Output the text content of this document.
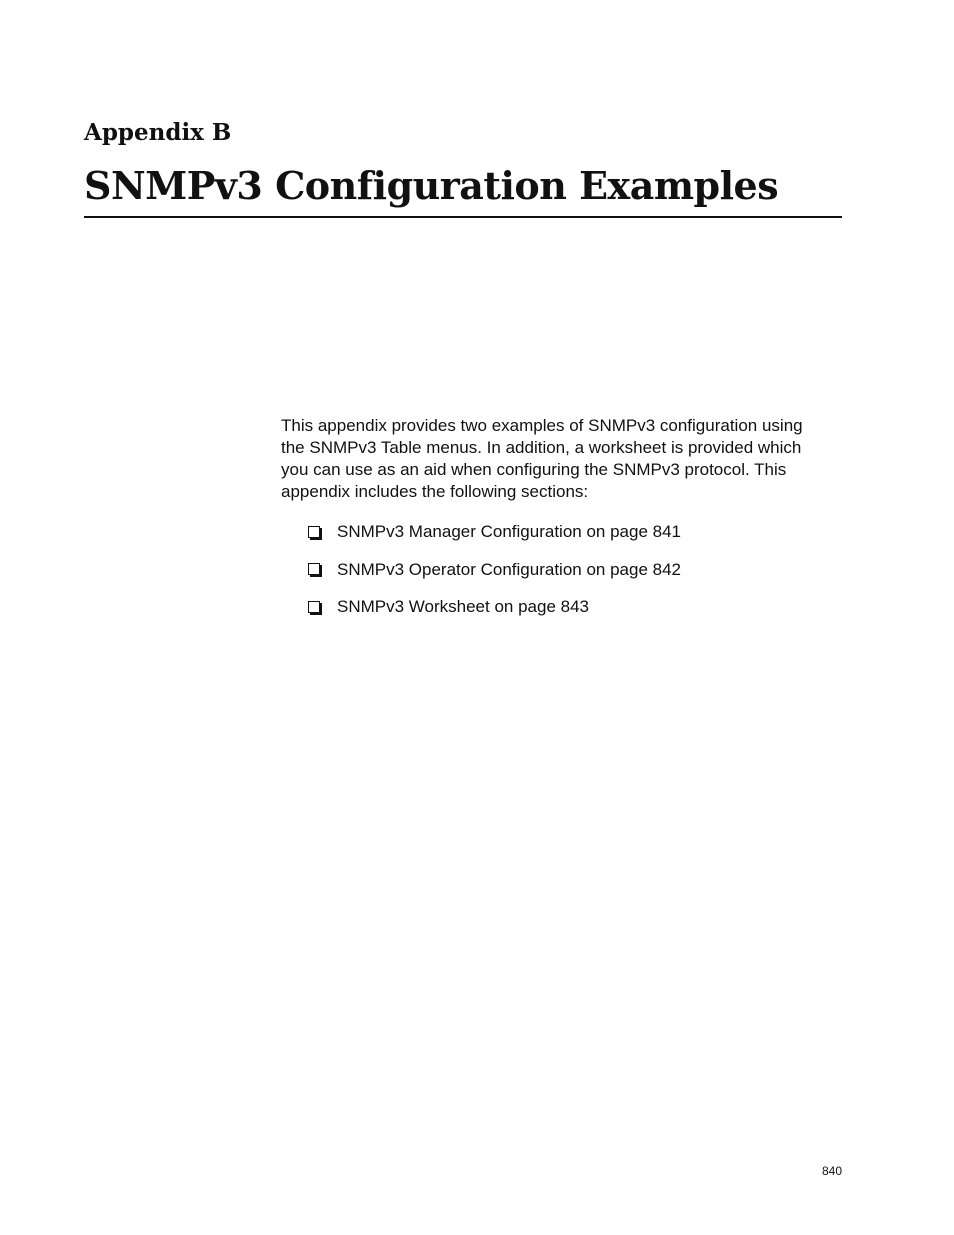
Appendix B
SNMPv3 Configuration Examples

This appendix provides two examples of SNMPv3 configuration using the SNMPv3 Table menus. In addition, a worksheet is provided which you can use as an aid when configuring the SNMPv3 protocol. This appendix includes the following sections:

SNMPv3 Manager Configuration on page 841
SNMPv3 Operator Configuration on page 842
SNMPv3 Worksheet on page 843
840
